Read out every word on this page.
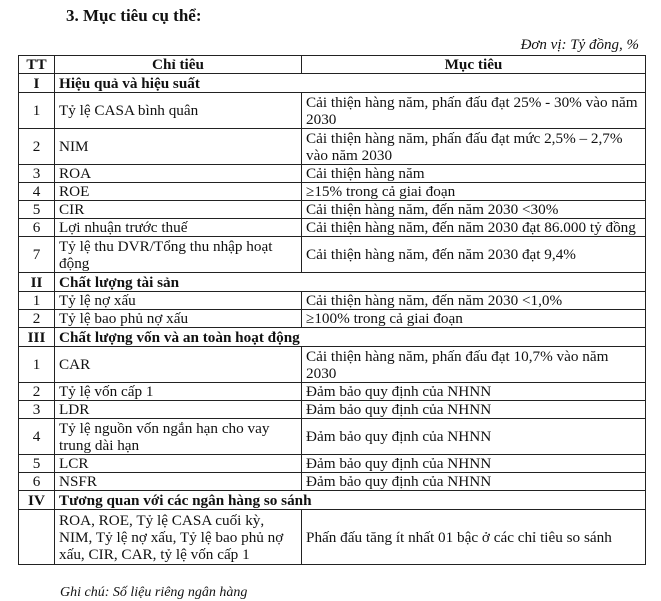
3. Mục tiêu cụ thể:
Đơn vị: Tỷ đồng, %
TT	Chỉ tiêu	Mục tiêu
I	Hiệu quả và hiệu suất	
1	Tỷ lệ CASA bình quân	Cải thiện hàng năm, phấn đấu đạt 25% - 30% vào năm 2030
2	NIM	Cải thiện hàng năm, phấn đấu đạt mức 2,5% – 2,7% vào năm 2030
3	ROA	Cải thiện hàng năm
4	ROE	≥15% trong cả giai đoạn
5	CIR	Cải thiện hàng năm, đến năm 2030 <30%
6	Lợi nhuận trước thuế	Cải thiện hàng năm, đến năm 2030 đạt 86.000 tỷ đồng
7	Tỷ lệ thu DVR/Tổng thu nhập hoạt động	Cải thiện hàng năm, đến năm 2030 đạt 9,4%
II	Chất lượng tài sản	
1	Tỷ lệ nợ xấu	Cải thiện hàng năm, đến năm 2030 <1,0%
2	Tỷ lệ bao phủ nợ xấu	≥100% trong cả giai đoạn
III	Chất lượng vốn và an toàn hoạt động	
1	CAR	Cải thiện hàng năm, phấn đấu đạt 10,7% vào năm 2030
2	Tỷ lệ vốn cấp 1	Đảm bảo quy định của NHNN
3	LDR	Đảm bảo quy định của NHNN
4	Tỷ lệ nguồn vốn ngắn hạn cho vay trung dài hạn	Đảm bảo quy định của NHNN
5	LCR	Đảm bảo quy định của NHNN
6	NSFR	Đảm bảo quy định của NHNN
IV	Tương quan với các ngân hàng so sánh	
	ROA, ROE, Tỷ lệ CASA cuối kỳ, NIM, Tỷ lệ nợ xấu, Tỷ lệ bao phủ nợ xấu, CIR, CAR, tỷ lệ vốn cấp 1	Phấn đấu tăng ít nhất 01 bậc ở các chỉ tiêu so sánh
Ghi chú: Số liệu riêng ngân hàng
